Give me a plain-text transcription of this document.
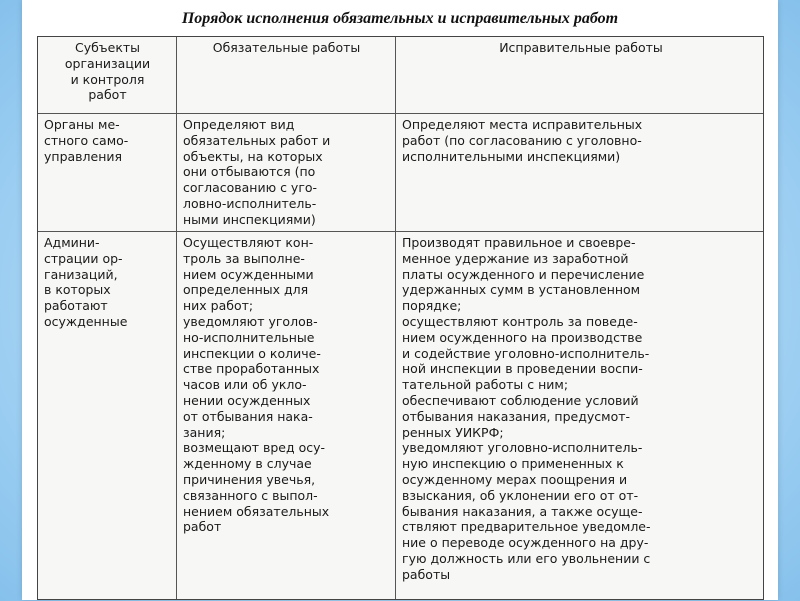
Порядок исполнения обязательных и исправительных работ
Субъекты
организации
и контроля
работ
Обязательные работы	Исправительные работы
Органы ме-
стного само-
управления
Определяют вид
обязательных работ и
объекты, на которых
они отбываются (по
согласованию с уго-
ловно-исполнитель-
ными инспекциями)
Определяют места исправительных
работ (по согласованию с уголовно-
исполнительными инспекциями)
Админи-
страции ор-
ганизаций,
в которых
работают
осужденные
Осуществляют кон-
троль за выполне-
нием осужденными
определенных для
них работ;
уведомляют уголов-
но-исполнительные
инспекции о количе-
стве проработанных
часов или об укло-
нении осужденных
от отбывания нака-
зания;
возмещают вред осу-
жденному в случае
причинения увечья,
связанного с выпол-
нением обязательных
работ
Производят правильное и своевре-
менное удержание из заработной
платы осужденного и перечисление
удержанных сумм в установленном
порядке;
осуществляют контроль за поведе-
нием осужденного на производстве
и содействие уголовно-исполнитель-
ной инспекции в проведении воспи-
тательной работы с ним;
обеспечивают соблюдение условий
отбывания наказания, предусмот-
ренных УИКРФ;
уведомляют уголовно-исполнитель-
ную инспекцию о примененных к
осужденному мерах поощрения и
взыскания, об уклонении его от от-
бывания наказания, а также осуще-
ствляют предварительное уведомле-
ние о переводе осужденного на дру-
гую должность или его увольнении с
работы
